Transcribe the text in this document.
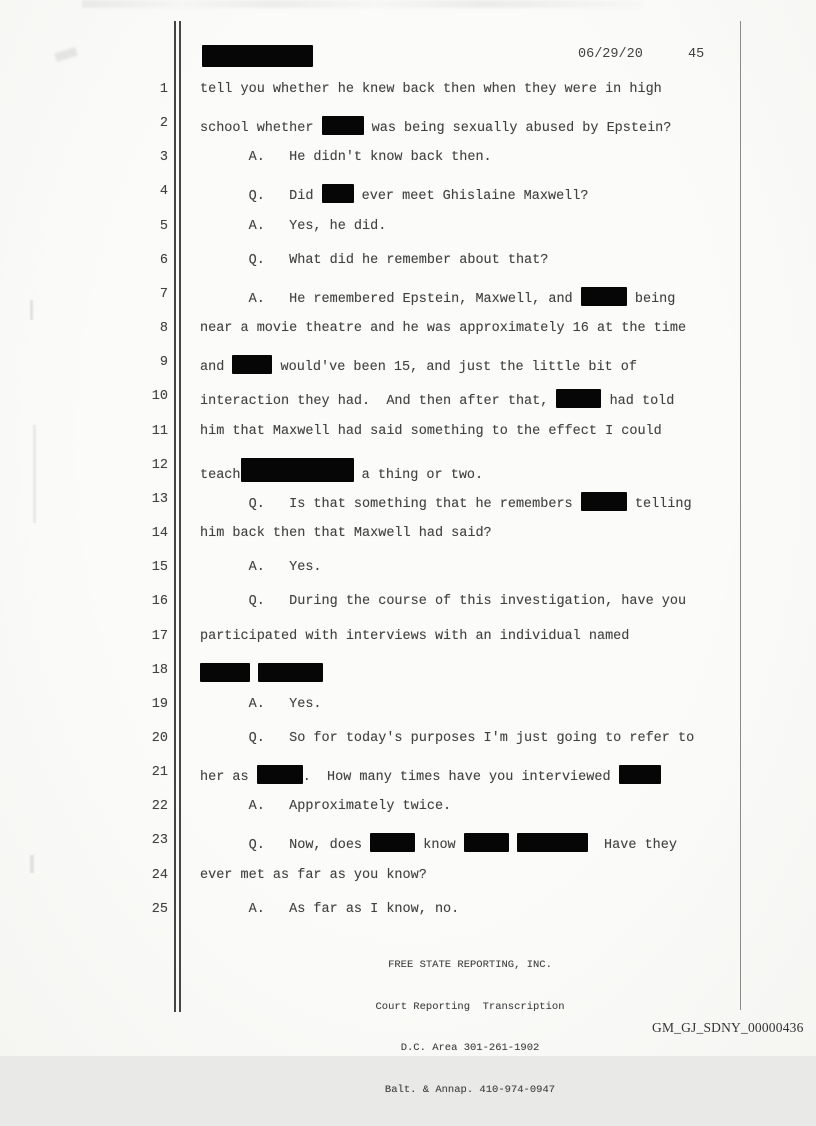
06/29/20	45
1 tell you whether he knew back then when they were in high
2 school whether	was being sexually abused by Epstein?
3 A.   He didn't know back then.
4 Q.   Did  ever meet Ghislaine Maxwell?
5 A.   Yes, he did.
6 Q.   What did he remember about that?
7 A.   He remembered Epstein, Maxwell, and	being
8 near a movie theatre and he was approximately 16 at the time
9 and	would've been 15, and just the little bit of
10 interaction they had.  And then after that,	had told
11 him that Maxwell had said something to the effect I could
12
teach	a thing or two.
13 Q.   Is that something that he remembers	telling
14 him back then that Maxwell had said?
15 A.   Yes.
16 Q.   During the course of this investigation, have you
17 participated with interviews with an individual named
18

19 A.   Yes.
20 Q.   So for today's purposes I'm just going to refer to
21 her as	.  How many times have you interviewed
22 A.   Approximately twice.
23 Q.   Now, does	know	Have they
24 ever met as far as you know?
25 A.   As far as I know, no.

FREE STATE REPORTING, INC.

Court Reporting  Transcription

D.C. Area 301-261-1902

Balt. & Annap. 410-974-0947

GM_GJ_SDNY_00000436
